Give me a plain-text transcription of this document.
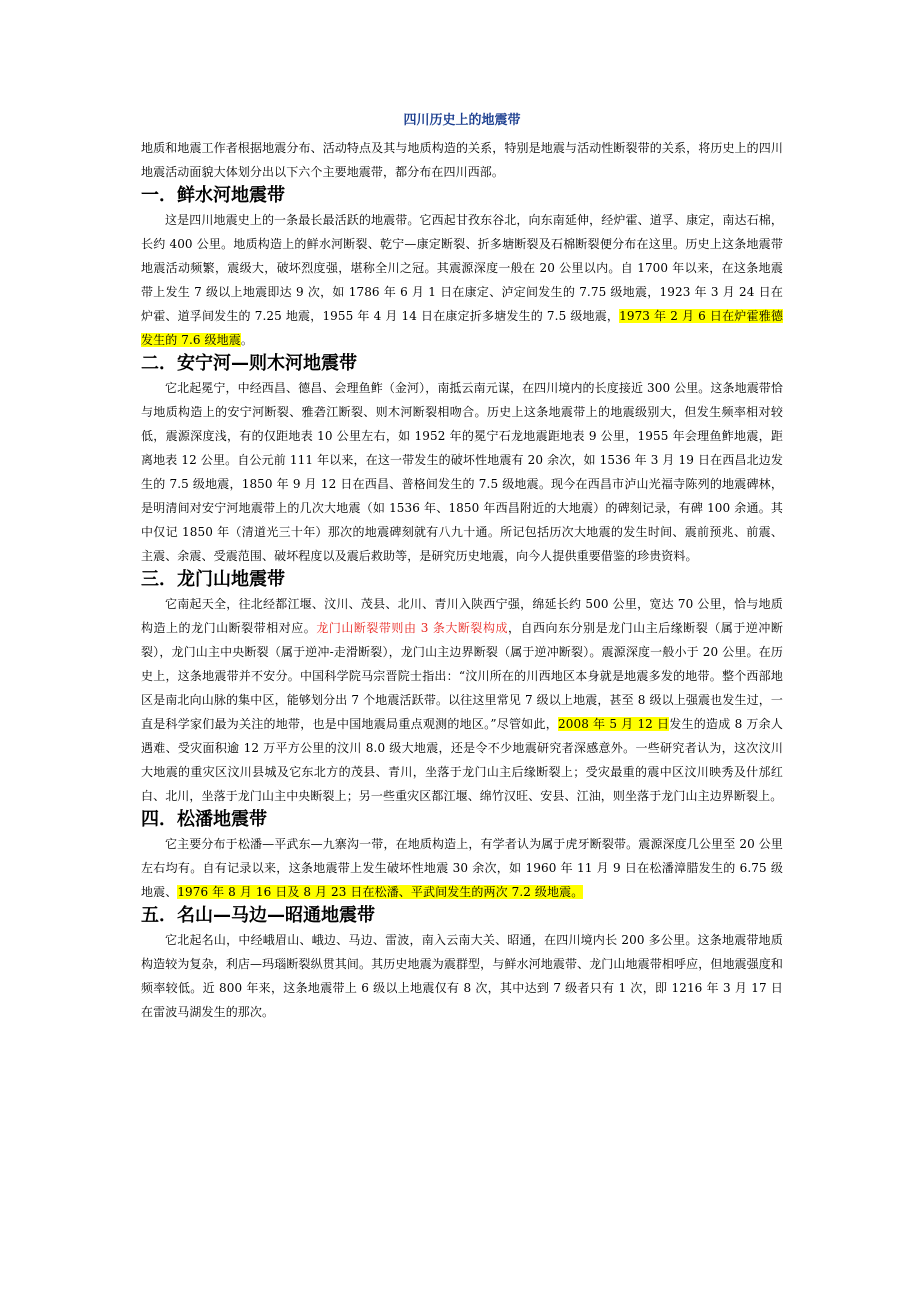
四川历史上的地震带

地质和地震工作者根据地震分布、活动特点及其与地质构造的关系，特别是地震与活动性断裂带的关系，将历史上的四川地震活动面貌大体划分出以下六个主要地震带，都分布在四川西部。

一．鲜水河地震带

这是四川地震史上的一条最长最活跃的地震带。它西起甘孜东谷北，向东南延伸，经炉霍、道孚、康定，南达石棉，长约 400 公里。地质构造上的鲜水河断裂、乾宁—康定断裂、折多塘断裂及石棉断裂便分布在这里。历史上这条地震带地震活动频繁，震级大，破坏烈度强，堪称全川之冠。其震源深度一般在 20 公里以内。自 1700 年以来，在这条地震带上发生 7 级以上地震即达 9 次，如 1786 年 6 月 1 日在康定、泸定间发生的 7.75 级地震，1923 年 3 月 24 日在炉霍、道孚间发生的 7.25 地震，1955 年 4 月 14 日在康定折多塘发生的 7.5 级地震，1973 年 2 月 6 日在炉霍雅德发生的 7.6 级地震。

二．安宁河—则木河地震带

它北起冕宁，中经西昌、德昌、会理鱼鲊（金河），南抵云南元谋，在四川境内的长度接近 300 公里。这条地震带恰与地质构造上的安宁河断裂、雅砻江断裂、则木河断裂相吻合。历史上这条地震带上的地震级别大，但发生频率相对较低，震源深度浅，有的仅距地表 10 公里左右，如 1952 年的冕宁石龙地震距地表 9 公里，1955 年会理鱼鲊地震，距离地表 12 公里。自公元前 111 年以来，在这一带发生的破坏性地震有 20 余次，如 1536 年 3 月 19 日在西昌北边发生的 7.5 级地震，1850 年 9 月 12 日在西昌、普格间发生的 7.5 级地震。现今在西昌市泸山光福寺陈列的地震碑林，是明清间对安宁河地震带上的几次大地震（如 1536 年、1850 年西昌附近的大地震）的碑刻记录，有碑 100 余通。其中仅记 1850 年（清道光三十年）那次的地震碑刻就有八九十通。所记包括历次大地震的发生时间、震前预兆、前震、主震、余震、受震范围、破坏程度以及震后救助等，是研究历史地震，向今人提供重要借鉴的珍贵资料。

三．龙门山地震带

它南起天全，往北经都江堰、汶川、茂县、北川、青川入陕西宁强，绵延长约 500 公里，宽达 70 公里，恰与地质构造上的龙门山断裂带相对应。龙门山断裂带则由 3 条大断裂构成，自西向东分别是龙门山主后缘断裂（属于逆冲断裂），龙门山主中央断裂（属于逆冲-走滑断裂），龙门山主边界断裂（属于逆冲断裂）。震源深度一般小于 20 公里。在历史上，这条地震带并不安分。中国科学院马宗晋院士指出：“汶川所在的川西地区本身就是地震多发的地带。整个西部地区是南北向山脉的集中区，能够划分出 7 个地震活跃带。以往这里常见 7 级以上地震，甚至 8 级以上强震也发生过，一直是科学家们最为关注的地带，也是中国地震局重点观测的地区。”尽管如此，2008 年 5 月 12 日发生的造成 8 万余人遇难、受灾面积逾 12 万平方公里的汶川 8.0 级大地震，还是令不少地震研究者深感意外。一些研究者认为，这次汶川大地震的重灾区汶川县城及它东北方的茂县、青川，坐落于龙门山主后缘断裂上；受灾最重的震中区汶川映秀及什邡红白、北川，坐落于龙门山主中央断裂上；另一些重灾区都江堰、绵竹汉旺、安县、江油，则坐落于龙门山主边界断裂上。

四．松潘地震带

它主要分布于松潘—平武东—九寨沟一带，在地质构造上，有学者认为属于虎牙断裂带。震源深度几公里至 20 公里左右均有。自有记录以来，这条地震带上发生破坏性地震 30 余次，如 1960 年 11 月 9 日在松潘漳腊发生的 6.75 级地震、1976 年 8 月 16 日及 8 月 23 日在松潘、平武间发生的两次 7.2 级地震。

五．名山—马边—昭通地震带

它北起名山，中经峨眉山、峨边、马边、雷波，南入云南大关、昭通，在四川境内长 200 多公里。这条地震带地质构造较为复杂，利店—玛瑙断裂纵贯其间。其历史地震为震群型，与鲜水河地震带、龙门山地震带相呼应，但地震强度和频率较低。近 800 年来，这条地震带上 6 级以上地震仅有 8 次，其中达到 7 级者只有 1 次，即 1216 年 3 月 17 日在雷波马湖发生的那次。
